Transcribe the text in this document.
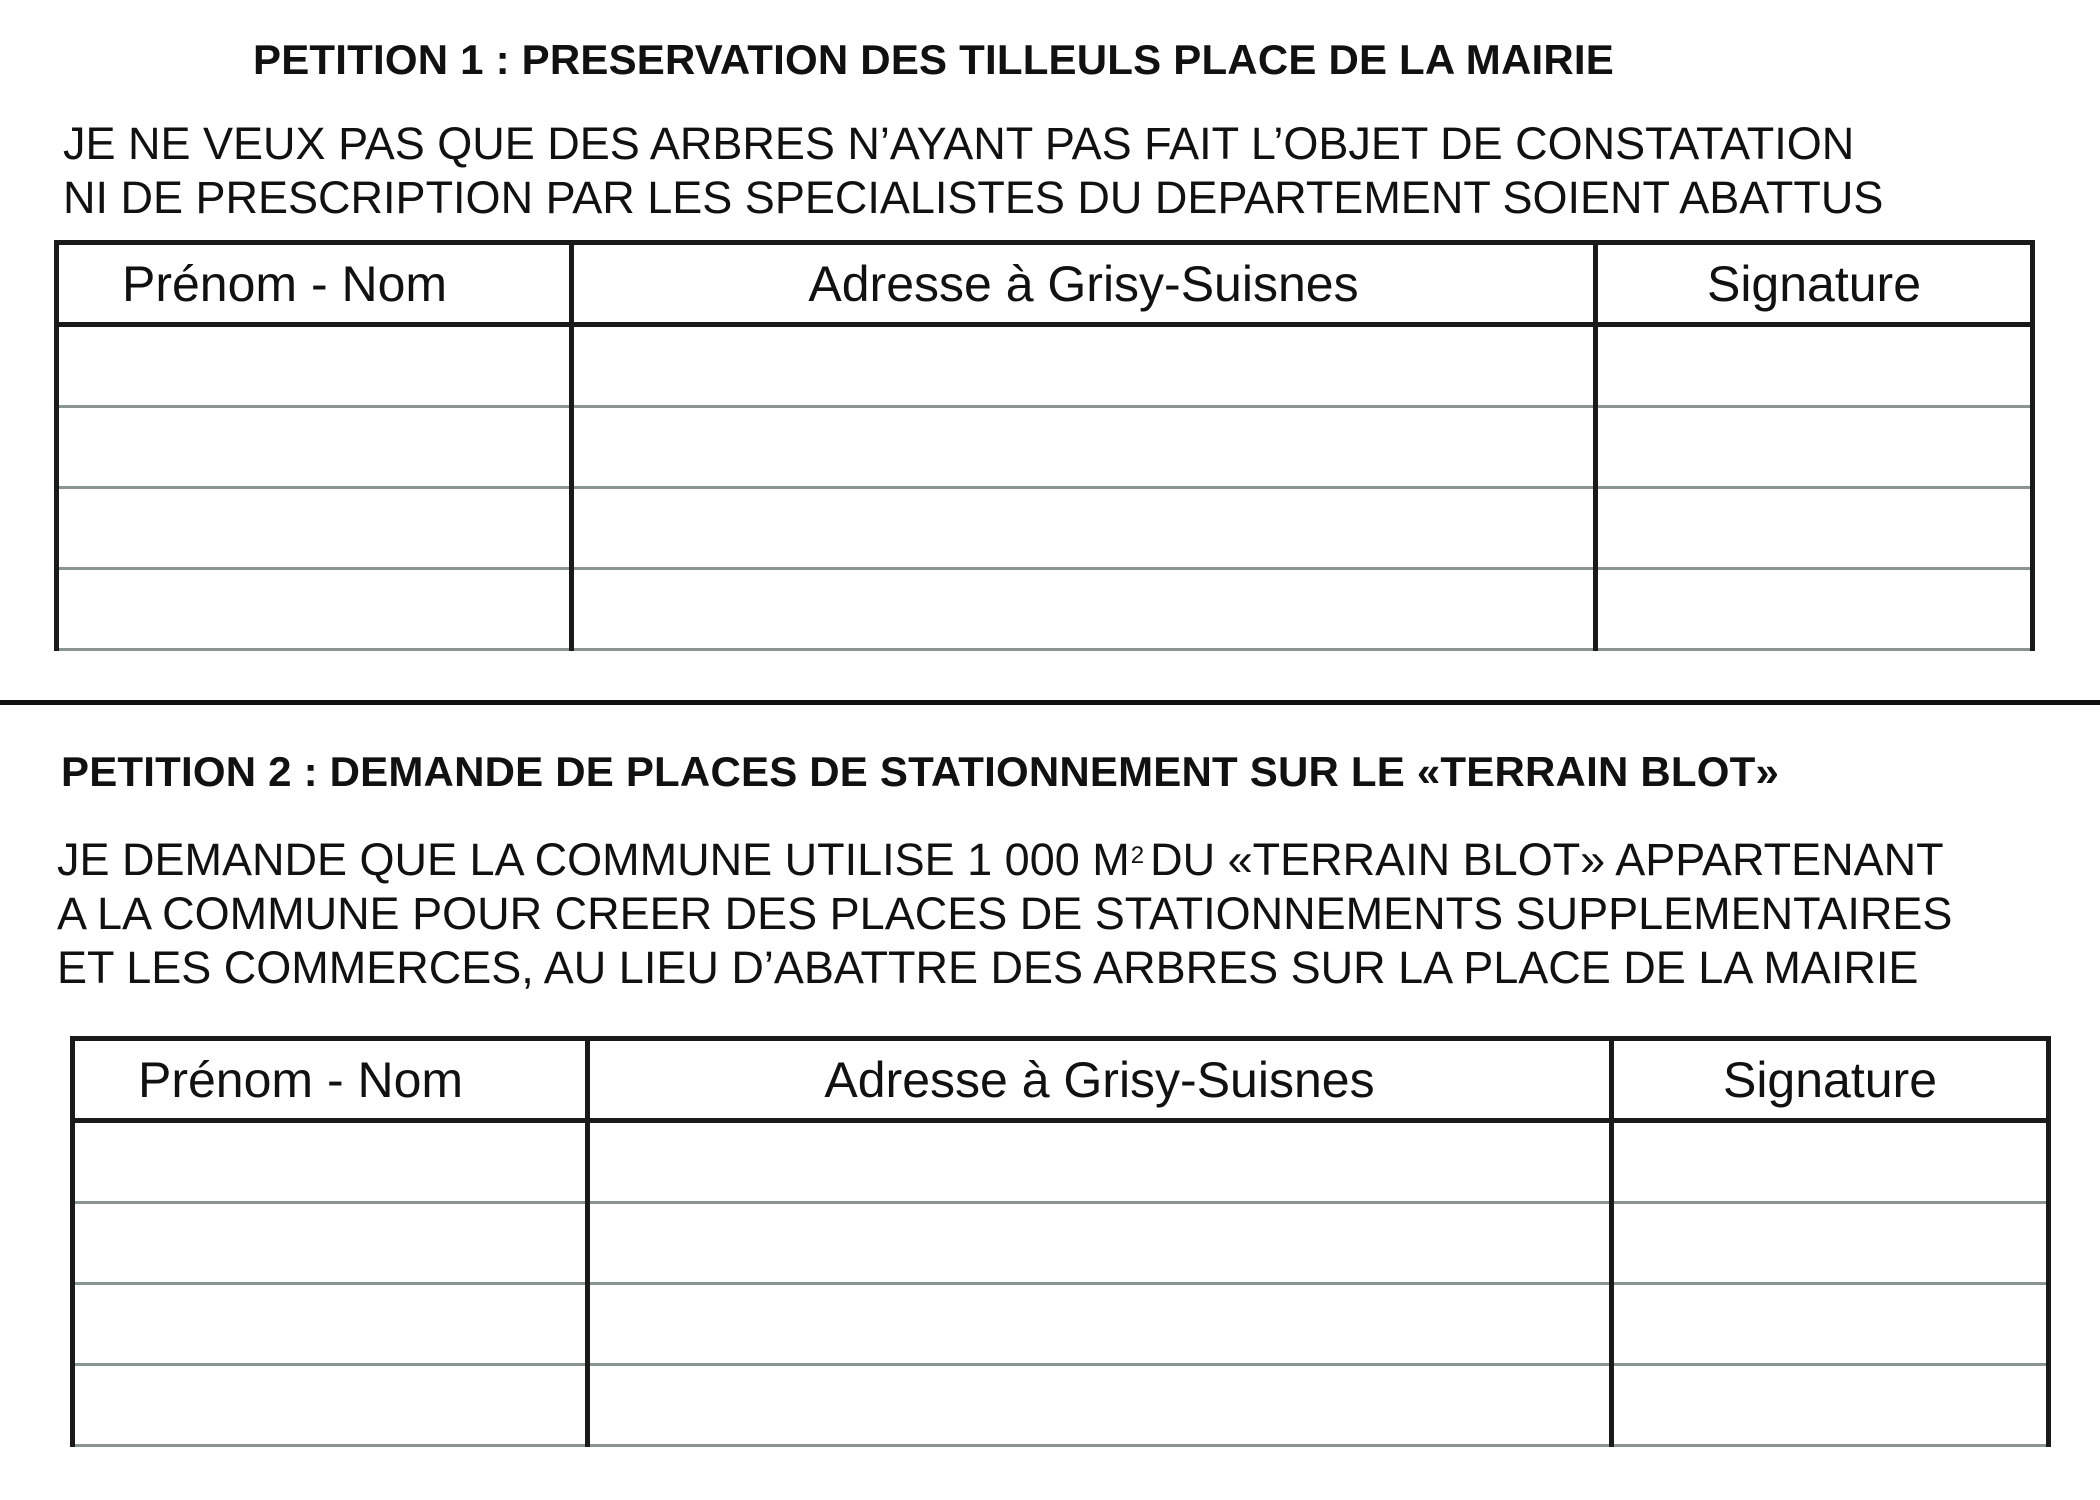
PETITION 1 : PRESERVATION DES TILLEULS PLACE DE LA MAIRIE

JE NE VEUX PAS QUE DES ARBRES N’AYANT PAS FAIT L’OBJET DE CONSTATATION
NI DE PRESCRIPTION PAR LES SPECIALISTES DU DEPARTEMENT SOIENT ABATTUS

Prénom - Nom	Adresse à Grisy-Suisnes	Signature

PETITION 2 : DEMANDE DE PLACES DE STATIONNEMENT SUR LE «TERRAIN BLOT»

JE DEMANDE QUE LA COMMUNE UTILISE 1 000 $M^2$ DU «TERRAIN BLOT» APPARTENANT
A LA COMMUNE POUR CREER DES PLACES DE STATIONNEMENTS SUPPLEMENTAIRES
ET LES COMMERCES, AU LIEU D’ABATTRE DES ARBRES SUR LA PLACE DE LA MAIRIE

Prénom - Nom	Adresse à Grisy-Suisnes	Signature
